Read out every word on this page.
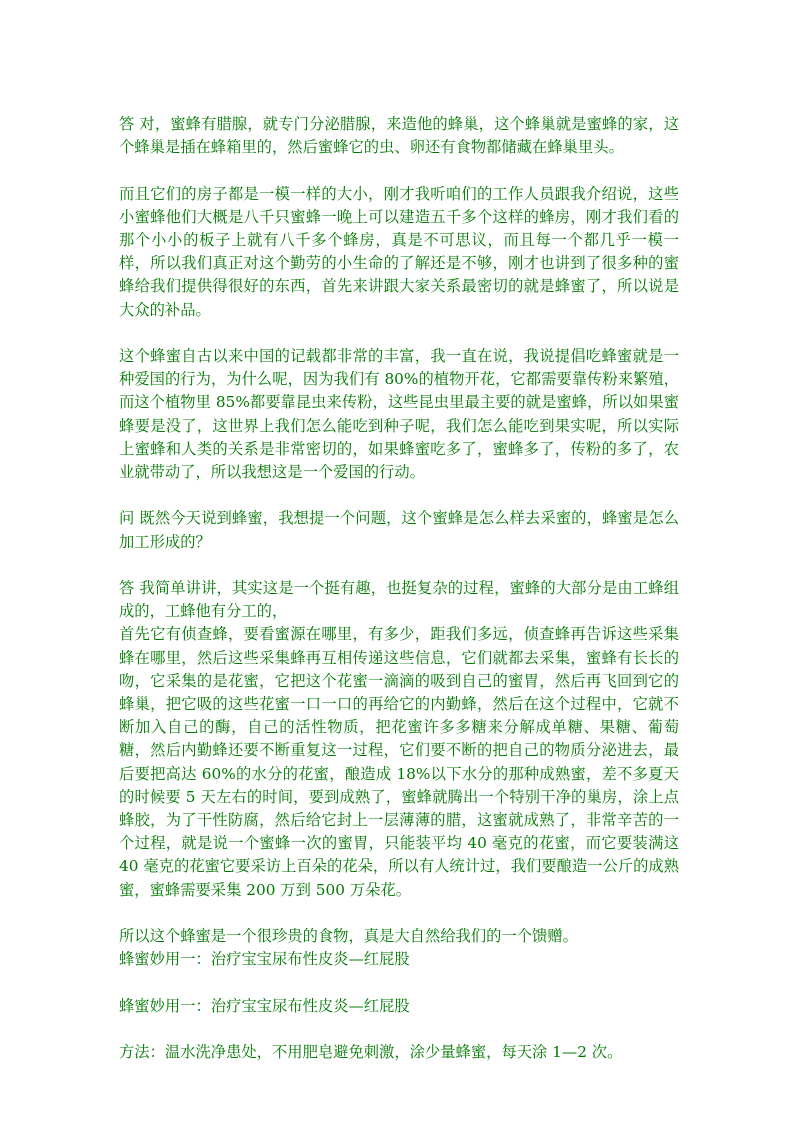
答 对，蜜蜂有腊腺，就专门分泌腊腺，来造他的蜂巢，这个蜂巢就是蜜蜂的家，这个蜂巢是插在蜂箱里的，然后蜜蜂它的虫、卵还有食物都储藏在蜂巢里头。

而且它们的房子都是一模一样的大小，刚才我听咱们的工作人员跟我介绍说，这些小蜜蜂他们大概是八千只蜜蜂一晚上可以建造五千多个这样的蜂房，刚才我们看的那个小小的板子上就有八千多个蜂房，真是不可思议，而且每一个都几乎一模一样，所以我们真正对这个勤劳的小生命的了解还是不够，刚才也讲到了很多种的蜜蜂给我们提供得很好的东西，首先来讲跟大家关系最密切的就是蜂蜜了，所以说是大众的补品。

这个蜂蜜自古以来中国的记载都非常的丰富，我一直在说，我说提倡吃蜂蜜就是一种爱国的行为，为什么呢，因为我们有 80%的植物开花，它都需要靠传粉来繁殖，而这个植物里 85%都要靠昆虫来传粉，这些昆虫里最主要的就是蜜蜂，所以如果蜜蜂要是没了，这世界上我们怎么能吃到种子呢，我们怎么能吃到果实呢，所以实际上蜜蜂和人类的关系是非常密切的，如果蜂蜜吃多了，蜜蜂多了，传粉的多了，农业就带动了，所以我想这是一个爱国的行动。

问 既然今天说到蜂蜜，我想提一个问题，这个蜜蜂是怎么样去采蜜的，蜂蜜是怎么加工形成的？

答 我简单讲讲，其实这是一个挺有趣，也挺复杂的过程，蜜蜂的大部分是由工蜂组成的，工蜂他有分工的，

首先它有侦查蜂，要看蜜源在哪里，有多少，距我们多远，侦查蜂再告诉这些采集蜂在哪里，然后这些采集蜂再互相传递这些信息，它们就都去采集，蜜蜂有长长的吻，它采集的是花蜜，它把这个花蜜一滴滴的吸到自己的蜜胃，然后再飞回到它的蜂巢，把它吸的这些花蜜一口一口的再给它的内勤蜂，然后在这个过程中，它就不断加入自己的酶，自己的活性物质，把花蜜许多多糖来分解成单糖、果糖、葡萄糖，然后内勤蜂还要不断重复这一过程，它们要不断的把自己的物质分泌进去，最后要把高达 60%的水分的花蜜，酿造成 18%以下水分的那种成熟蜜，差不多夏天的时候要 5 天左右的时间，要到成熟了，蜜蜂就腾出一个特别干净的巢房，涂上点蜂胶，为了干性防腐，然后给它封上一层薄薄的腊，这蜜就成熟了，非常辛苦的一个过程，就是说一个蜜蜂一次的蜜胃，只能装平均 40 毫克的花蜜，而它要装满这 40 毫克的花蜜它要采访上百朵的花朵，所以有人统计过，我们要酿造一公斤的成熟蜜，蜜蜂需要采集 200 万到 500 万朵花。

所以这个蜂蜜是一个很珍贵的食物，真是大自然给我们的一个馈赠。

蜂蜜妙用一：治疗宝宝尿布性皮炎—红屁股

蜂蜜妙用一：治疗宝宝尿布性皮炎—红屁股

方法：温水洗净患处，不用肥皂避免刺激，涂少量蜂蜜，每天涂 1—2 次。
